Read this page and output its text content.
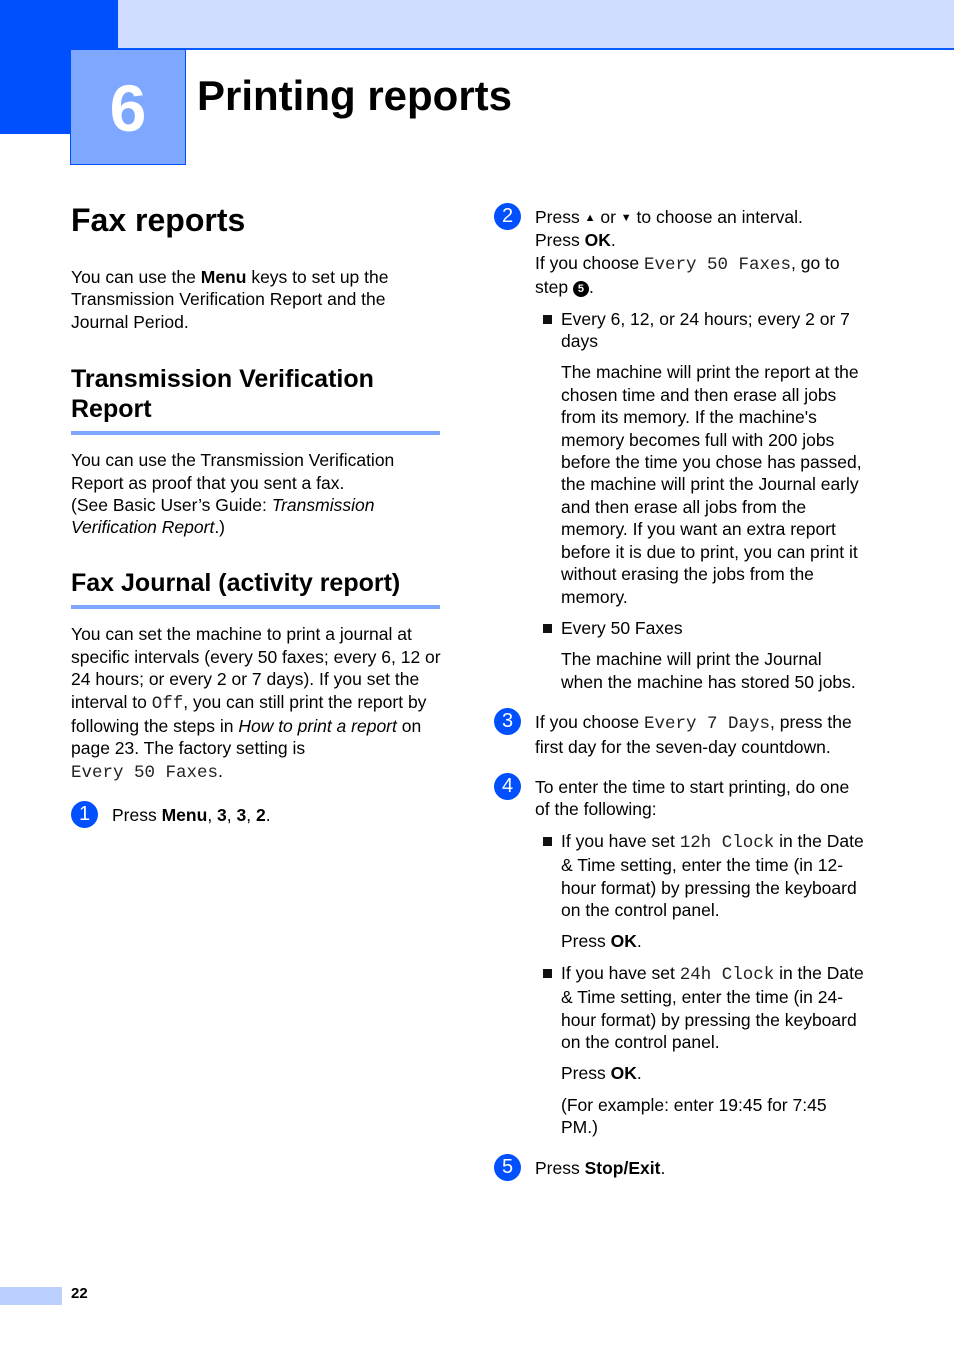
6	Printing reports
Fax reports

You can use the Menu keys to set up the Transmission Verification Report and the Journal Period.

Transmission Verification Report

You can use the Transmission Verification Report as proof that you sent a fax.
(See Basic User’s Guide: Transmission Verification Report.)

Fax Journal (activity report)

You can set the machine to print a journal at specific intervals (every 50 faxes; every 6, 12 or 24 hours; or every 2 or 7 days). If you set the interval to Off, you can still print the report by following the steps in How to print a report on page 23. The factory setting is
Every 50 Faxes.

1	Press Menu, 3, 3, 2.
2	Press ▲ or ▼ to choose an interval.
Press OK.
If you choose Every 50 Faxes, go to step 5 .
Every 6, 12, or 24 hours; every 2 or 7 days

The machine will print the report at the chosen time and then erase all jobs from its memory. If the machine's memory becomes full with 200 jobs before the time you chose has passed, the machine will print the Journal early and then erase all jobs from the memory. If you want an extra report before it is due to print, you can print it without erasing the jobs from the memory.

Every 50 Faxes

The machine will print the Journal when the machine has stored 50 jobs.

3	If you choose Every 7 Days, press the first day for the seven-day countdown.
4	To enter the time to start printing, do one of the following:
If you have set 12h Clock in the Date & Time setting, enter the time (in 12-hour format) by pressing the keyboard on the control panel.

Press OK.

If you have set 24h Clock in the Date & Time setting, enter the time (in 24-hour format) by pressing the keyboard on the control panel.

Press OK.

(For example: enter 19:45 for 7:45 PM.)

5	Press Stop/Exit.
22
